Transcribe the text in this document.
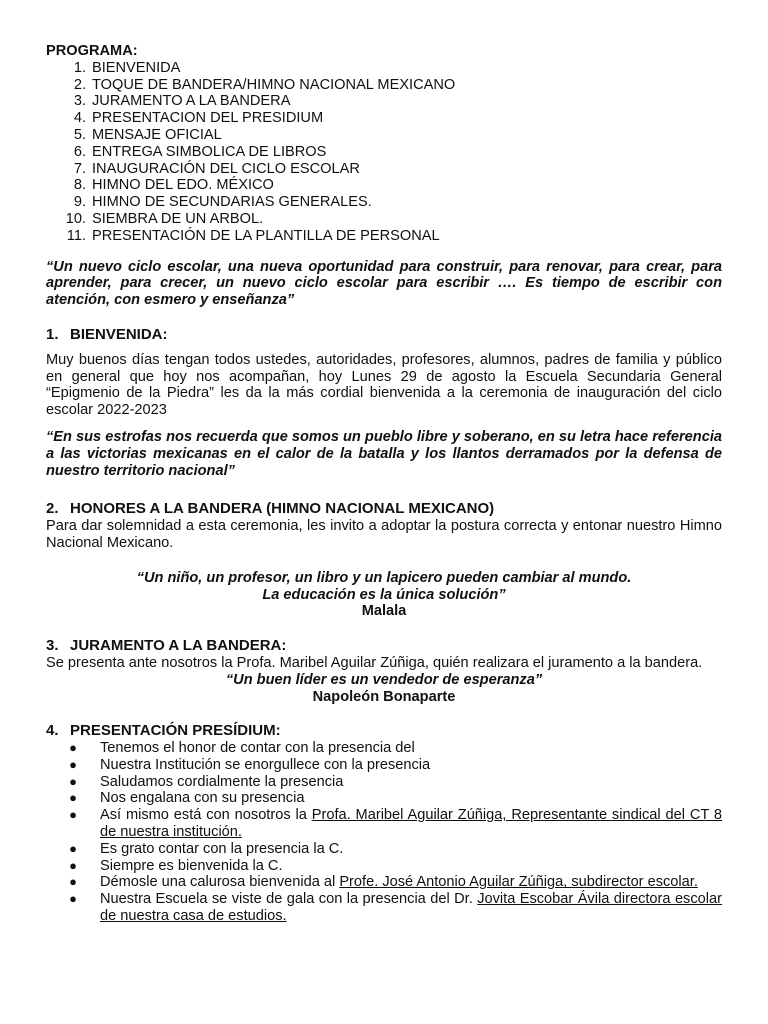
PROGRAMA:
1. BIENVENIDA
2. TOQUE DE BANDERA/HIMNO NACIONAL MEXICANO
3. JURAMENTO A LA BANDERA
4. PRESENTACION DEL PRESIDIUM
5. MENSAJE OFICIAL
6. ENTREGA SIMBOLICA DE LIBROS
7. INAUGURACIÓN DEL CICLO ESCOLAR
8. HIMNO DEL EDO. MÉXICO
9. HIMNO DE SECUNDARIAS GENERALES.
10. SIEMBRA DE UN ARBOL.
11. PRESENTACIÓN DE LA PLANTILLA DE PERSONAL

“Un nuevo ciclo escolar, una nueva oportunidad para construir, para renovar, para crear, para aprender, para crecer, un nuevo ciclo escolar para escribir …. Es tiempo de escribir con atención, con esmero y enseñanza”

1. BIENVENIDA:

Muy buenos días tengan todos ustedes, autoridades, profesores, alumnos, padres de familia y público en general que hoy nos acompañan, hoy Lunes 29 de agosto la Escuela Secundaria General “Epigmenio de la Piedra” les da la más cordial bienvenida a la ceremonia de inauguración del ciclo escolar 2022-2023

“En sus estrofas nos recuerda que somos un pueblo libre y soberano, en su letra hace referencia a las victorias mexicanas en el calor de la batalla y los llantos derramados por la defensa de nuestro territorio nacional”

2. HONORES A LA BANDERA (HIMNO NACIONAL MEXICANO)

Para dar solemnidad a esta ceremonia, les invito a adoptar la postura correcta y entonar nuestro Himno Nacional Mexicano.

“Un niño, un profesor, un libro y un lapicero pueden cambiar al mundo.

La educación es la única solución”

Malala

3. JURAMENTO A LA BANDERA:

Se presenta ante nosotros la Profa. Maribel Aguilar Zúñiga, quién realizara el juramento a la bandera.

“Un buen líder es un vendedor de esperanza”

Napoleón Bonaparte

4. PRESENTACIÓN PRESÍDIUM:
●	Tenemos el honor de contar con la presencia del
●	Nuestra Institución se enorgullece con la presencia
●	Saludamos cordialmente la presencia
●	Nos engalana con su presencia
●	Así mismo está con nosotros la Profa. Maribel Aguilar Zúñiga, Representante sindical del CT 8 de nuestra institución.
●	Es grato contar con la presencia la C.
●	Siempre es bienvenida la C.
●	Démosle una calurosa bienvenida al Profe. José Antonio Aguilar Zúñiga, subdirector escolar.
●	Nuestra Escuela se viste de gala con la presencia del Dr. Jovita Escobar Ávila directora escolar de nuestra casa de estudios.
